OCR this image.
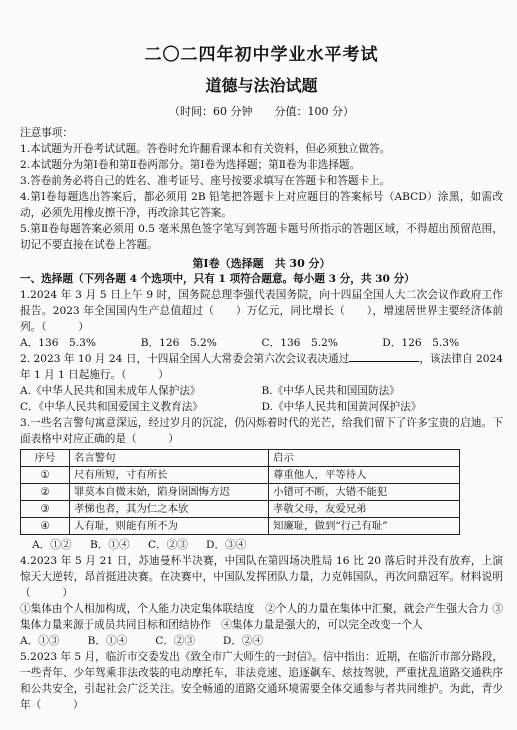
二〇二四年初中学业水平考试
道德与法治试题
（时间：60 分钟　　分值：100 分）

注意事项：

1.本试题为开卷考试试题。答卷时允许翻看课本和有关资料，但必须独立做答。

2.本试题分为第Ⅰ卷和第Ⅱ卷两部分。第Ⅰ卷为选择题；第Ⅱ卷为非选择题。

3.答卷前务必将自己的姓名、准考证号、座号按要求填写在答题卡和答题卡上。

4.第Ⅰ卷每题选出答案后，都必须用 2B 铅笔把答题卡上对应题目的答案标号（ABCD）涂黑，如需改动，必须先用橡皮擦干净，再改涂其它答案。

5.第Ⅱ卷每题答案必须用 0.5 毫米黑色签字笔写到答题卡题号所指示的答题区域，不得超出预留范围，切记不要直接在试卷上答题。

第Ⅰ卷（选择题　共 30 分）

一、选择题（下列各题 4 个选项中，只有 1 项符合题意。每小题 3 分，共 30 分）

1.2024 年 3 月 5 日上午 9 时，国务院总理李强代表国务院，向十四届全国人大二次会议作政府工作报告。2023 年全国国内生产总值超过（　　）万亿元，同比增长（　　），增速居世界主要经济体前列。（　　　）

A．136　5.3%	B．126　5.2%	C．136　5.2%	D．126　5.3%

2. 2023 年 10 月 24 日，十四届全国人大常委会第六次会议表决通过	，该法律自 2024 年 1 月 1 日起施行。（　　　）

A.《中华人民共和国未成年人保护法》	B.《中华人民共和国国防法》
C．《中华人民共和国爱国主义教育法》	D.《中华人民共和国黄河保护法》

3.一些名言警句寓意深远，经过岁月的沉淀，仍闪烁着时代的光芒，给我们留下了许多宝贵的启迪。下面表格中对应正确的是（　　　）

序号	名言警句	启示
①	尺有所短，寸有所长	尊重他人，平等待人
②	罪莫本自微末始，陷身囹圄悔方迟	小错可不断，大错不能犯
③	孝悌也者，其为仁之本欤	孝敬父母，友爱兄弟
④	人有耻，则能有所不为	知廉耻，做到“行己有耻”
A．①②	B．①④	C．②③	D．③④

4.2023 年 5 月 21 日，苏迪曼杯半决赛，中国队在第四场决胜局 16 比 20 落后时并没有放弃，上演惊天大逆转，昂首挺进决赛。在决赛中，中国队发挥团队力量，力克韩国队，再次问鼎冠军。材料说明（　　　）

①集体由个人相加构成，个人能力决定集体联结度　②个人的力量在集体中汇聚，就会产生强大合力 ③集体力量来源于成员共同目标和团结协作　④集体力量是强大的，可以完全改变一个人

A．①③	B．①④	C．②③	D．②④

5.2023 年 5 月，临沂市交委发出《致全市广大师生的一封信》。信中指出：近期，在临沂市部分路段，一些青年、少年驾乘非法改装的电动摩托车，非法竞速、追逐飙车、炫技驾驶，严重扰乱道路交通秩序和公共安全，引起社会广泛关注。安全畅通的道路交通环境需要全体交通参与者共同维护。为此，青少年（　　　）
